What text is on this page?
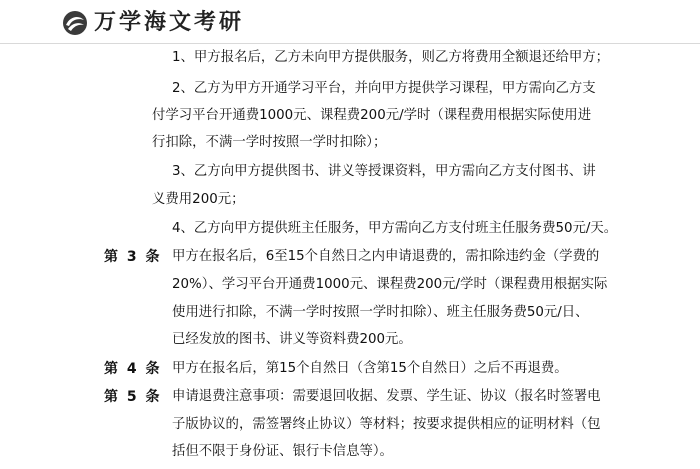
万学海文考研
1、甲方报名后，乙方未向甲方提供服务，则乙方将费用全额退还给甲方；
2、乙方为甲方开通学习平台，并向甲方提供学习课程，甲方需向乙方支
付学习平台开通费1000元、课程费200元/学时（课程费用根据实际使用进
行扣除，不满一学时按照一学时扣除）；
3、乙方向甲方提供图书、讲义等授课资料，甲方需向乙方支付图书、讲
义费用200元；
4、乙方向甲方提供班主任服务，甲方需向乙方支付班主任服务费50元/天。
第 3 条 甲方在报名后，6至15个自然日之内申请退费的，需扣除违约金（学费的
20%）、学习平台开通费1000元、课程费200元/学时（课程费用根据实际
使用进行扣除，不满一学时按照一学时扣除）、班主任服务费50元/日、
已经发放的图书、讲义等资料费200元。
第 4 条 甲方在报名后，第15个自然日（含第15个自然日）之后不再退费。
第 5 条 申请退费注意事项：需要退回收据、发票、学生证、协议（报名时签署电
子版协议的，需签署终止协议）等材料；按要求提供相应的证明材料（包
括但不限于身份证、银行卡信息等）。
